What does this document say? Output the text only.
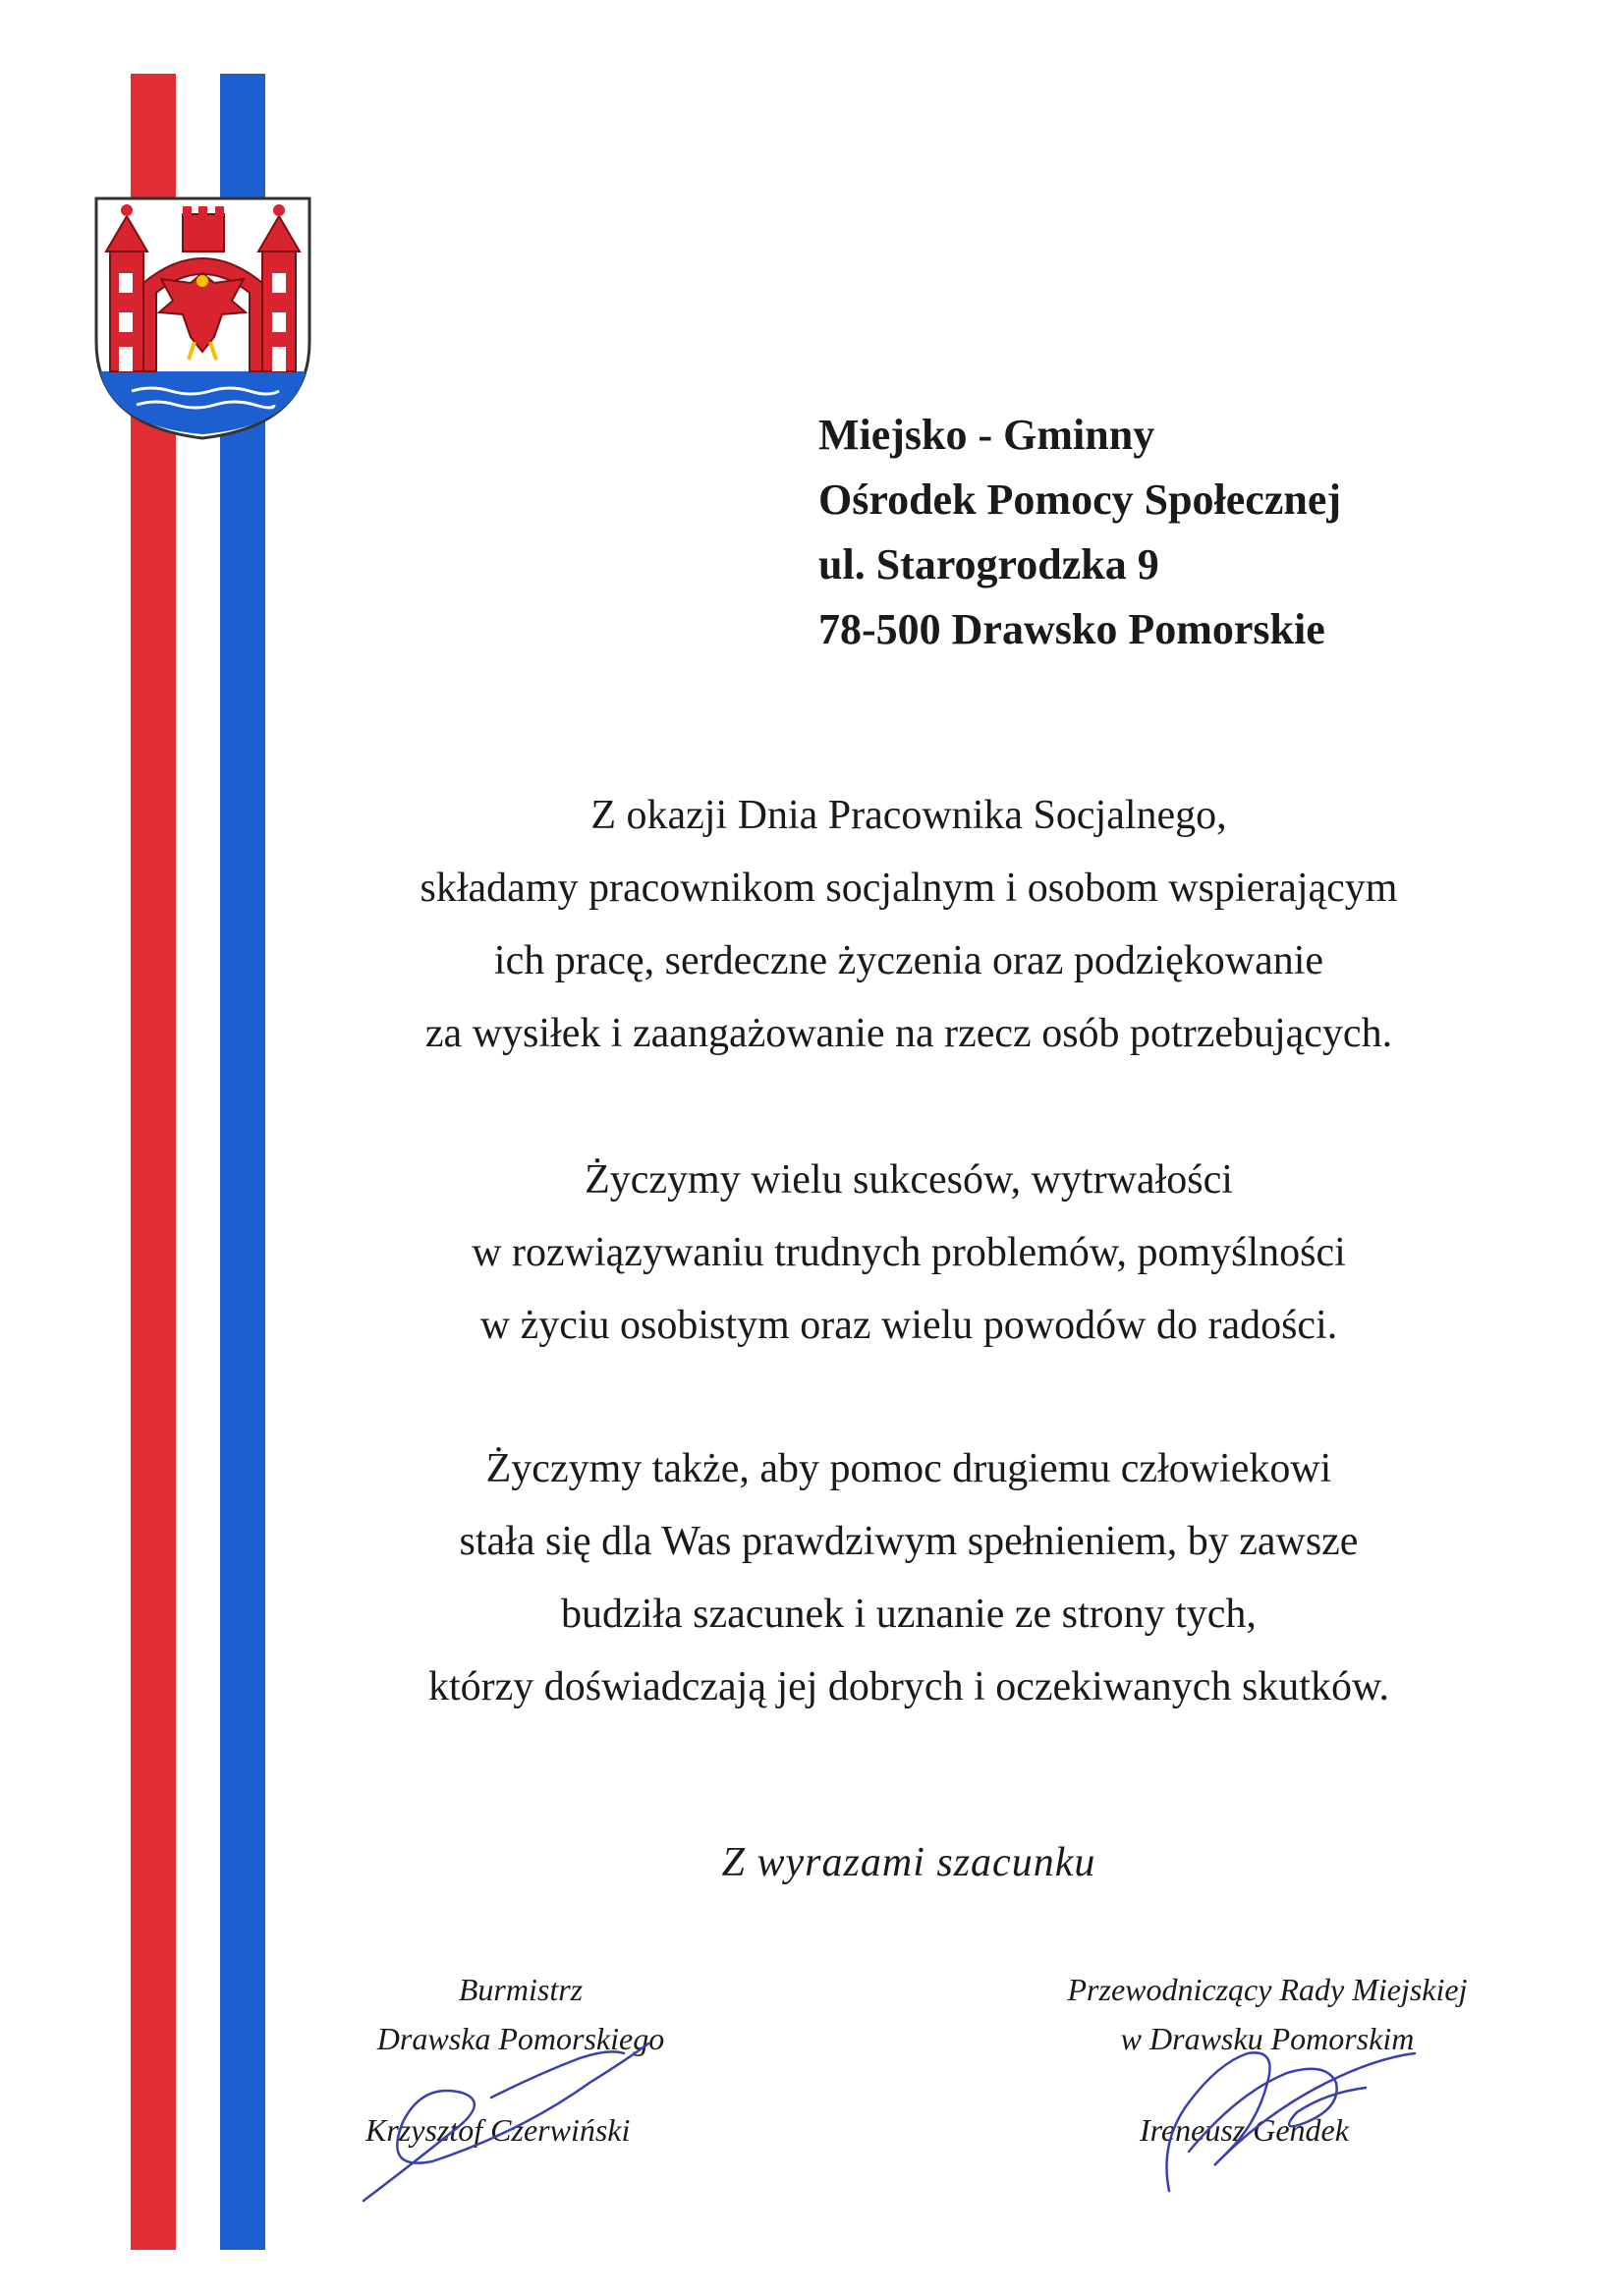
Miejsko - Gminny
Ośrodek Pomocy Społecznej
ul. Starogrodzka 9
78-500 Drawsko Pomorskie
Z okazji Dnia Pracownika Socjalnego,
składamy pracownikom socjalnym i osobom wspierającym
ich pracę, serdeczne życzenia oraz podziękowanie
za wysiłek i zaangażowanie na rzecz osób potrzebujących.
Życzymy wielu sukcesów, wytrwałości
w rozwiązywaniu trudnych problemów, pomyślności
w życiu osobistym oraz wielu powodów do radości.
Życzymy także, aby pomoc drugiemu człowiekowi
stała się dla Was prawdziwym spełnieniem, by zawsze
budziła szacunek i uznanie ze strony tych,
którzy doświadczają jej dobrych i oczekiwanych skutków.
Z wyrazami szacunku
Burmistrz
Drawska Pomorskiego
Krzysztof Czerwiński
Przewodniczący Rady Miejskiej
w Drawsku Pomorskim
Ireneusz Gendek
